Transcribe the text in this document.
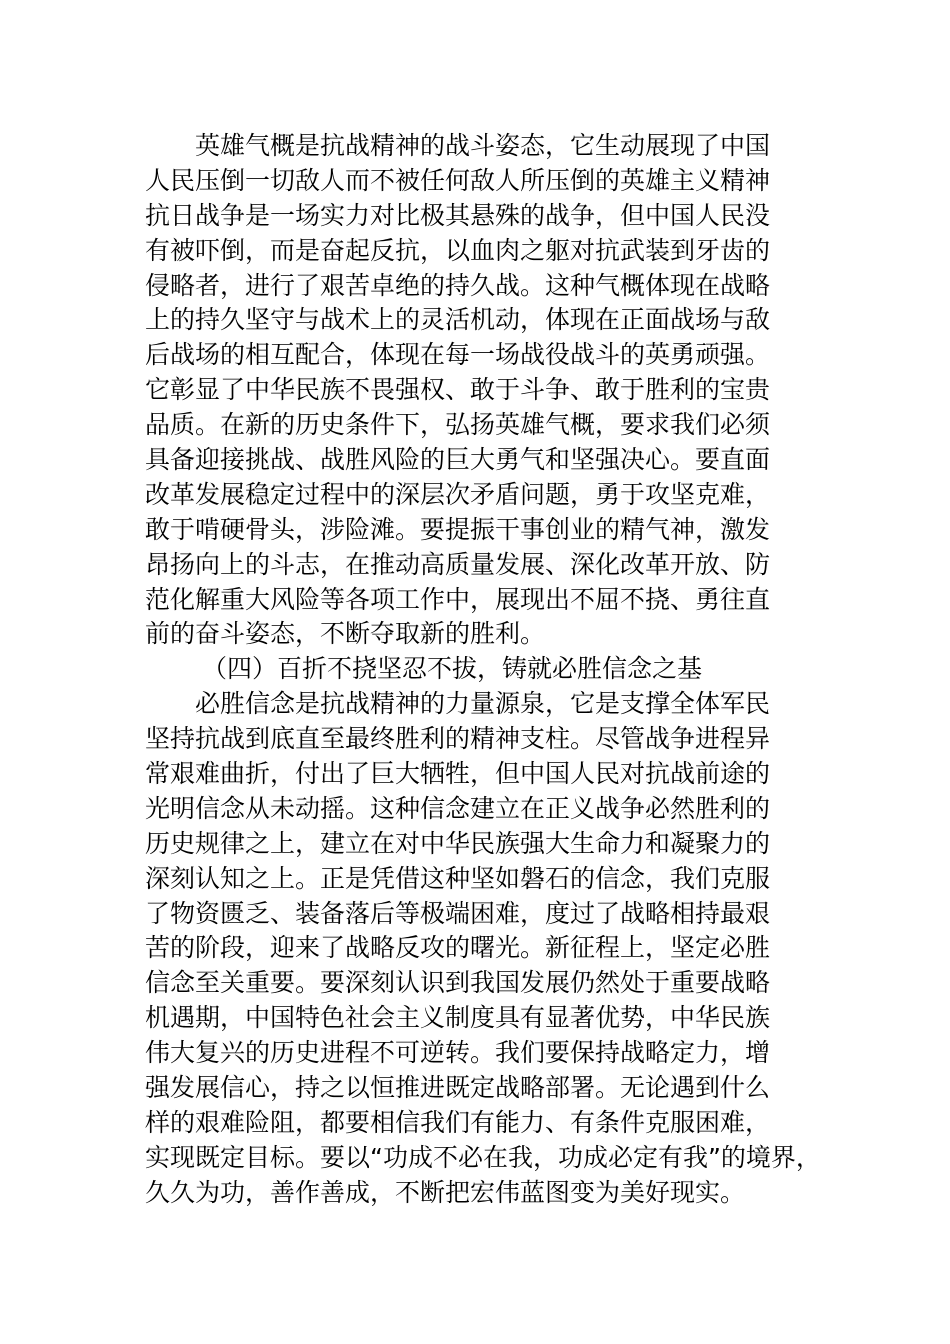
英雄气概是抗战精神的战斗姿态，它生动展现了中国
人民压倒一切敌人而不被任何敌人所压倒的英雄主义精神
抗日战争是一场实力对比极其悬殊的战争，但中国人民没
有被吓倒，而是奋起反抗，以血肉之躯对抗武装到牙齿的
侵略者，进行了艰苦卓绝的持久战。这种气概体现在战略
上的持久坚守与战术上的灵活机动，体现在正面战场与敌
后战场的相互配合，体现在每一场战役战斗的英勇顽强。
它彰显了中华民族不畏强权、敢于斗争、敢于胜利的宝贵
品质。在新的历史条件下，弘扬英雄气概，要求我们必须
具备迎接挑战、战胜风险的巨大勇气和坚强决心。要直面
改革发展稳定过程中的深层次矛盾问题，勇于攻坚克难，
敢于啃硬骨头，涉险滩。要提振干事创业的精气神，激发
昂扬向上的斗志，在推动高质量发展、深化改革开放、防
范化解重大风险等各项工作中，展现出不屈不挠、勇往直
前的奋斗姿态，不断夺取新的胜利。
（四）百折不挠坚忍不拔，铸就必胜信念之基
必胜信念是抗战精神的力量源泉，它是支撑全体军民
坚持抗战到底直至最终胜利的精神支柱。尽管战争进程异
常艰难曲折，付出了巨大牺牲，但中国人民对抗战前途的
光明信念从未动摇。这种信念建立在正义战争必然胜利的
历史规律之上，建立在对中华民族强大生命力和凝聚力的
深刻认知之上。正是凭借这种坚如磐石的信念，我们克服
了物资匮乏、装备落后等极端困难，度过了战略相持最艰
苦的阶段，迎来了战略反攻的曙光。新征程上，坚定必胜
信念至关重要。要深刻认识到我国发展仍然处于重要战略
机遇期，中国特色社会主义制度具有显著优势，中华民族
伟大复兴的历史进程不可逆转。我们要保持战略定力，增
强发展信心，持之以恒推进既定战略部署。无论遇到什么
样的艰难险阻，都要相信我们有能力、有条件克服困难，
实现既定目标。要以“功成不必在我，功成必定有我”的境界，
久久为功，善作善成，不断把宏伟蓝图变为美好现实。
